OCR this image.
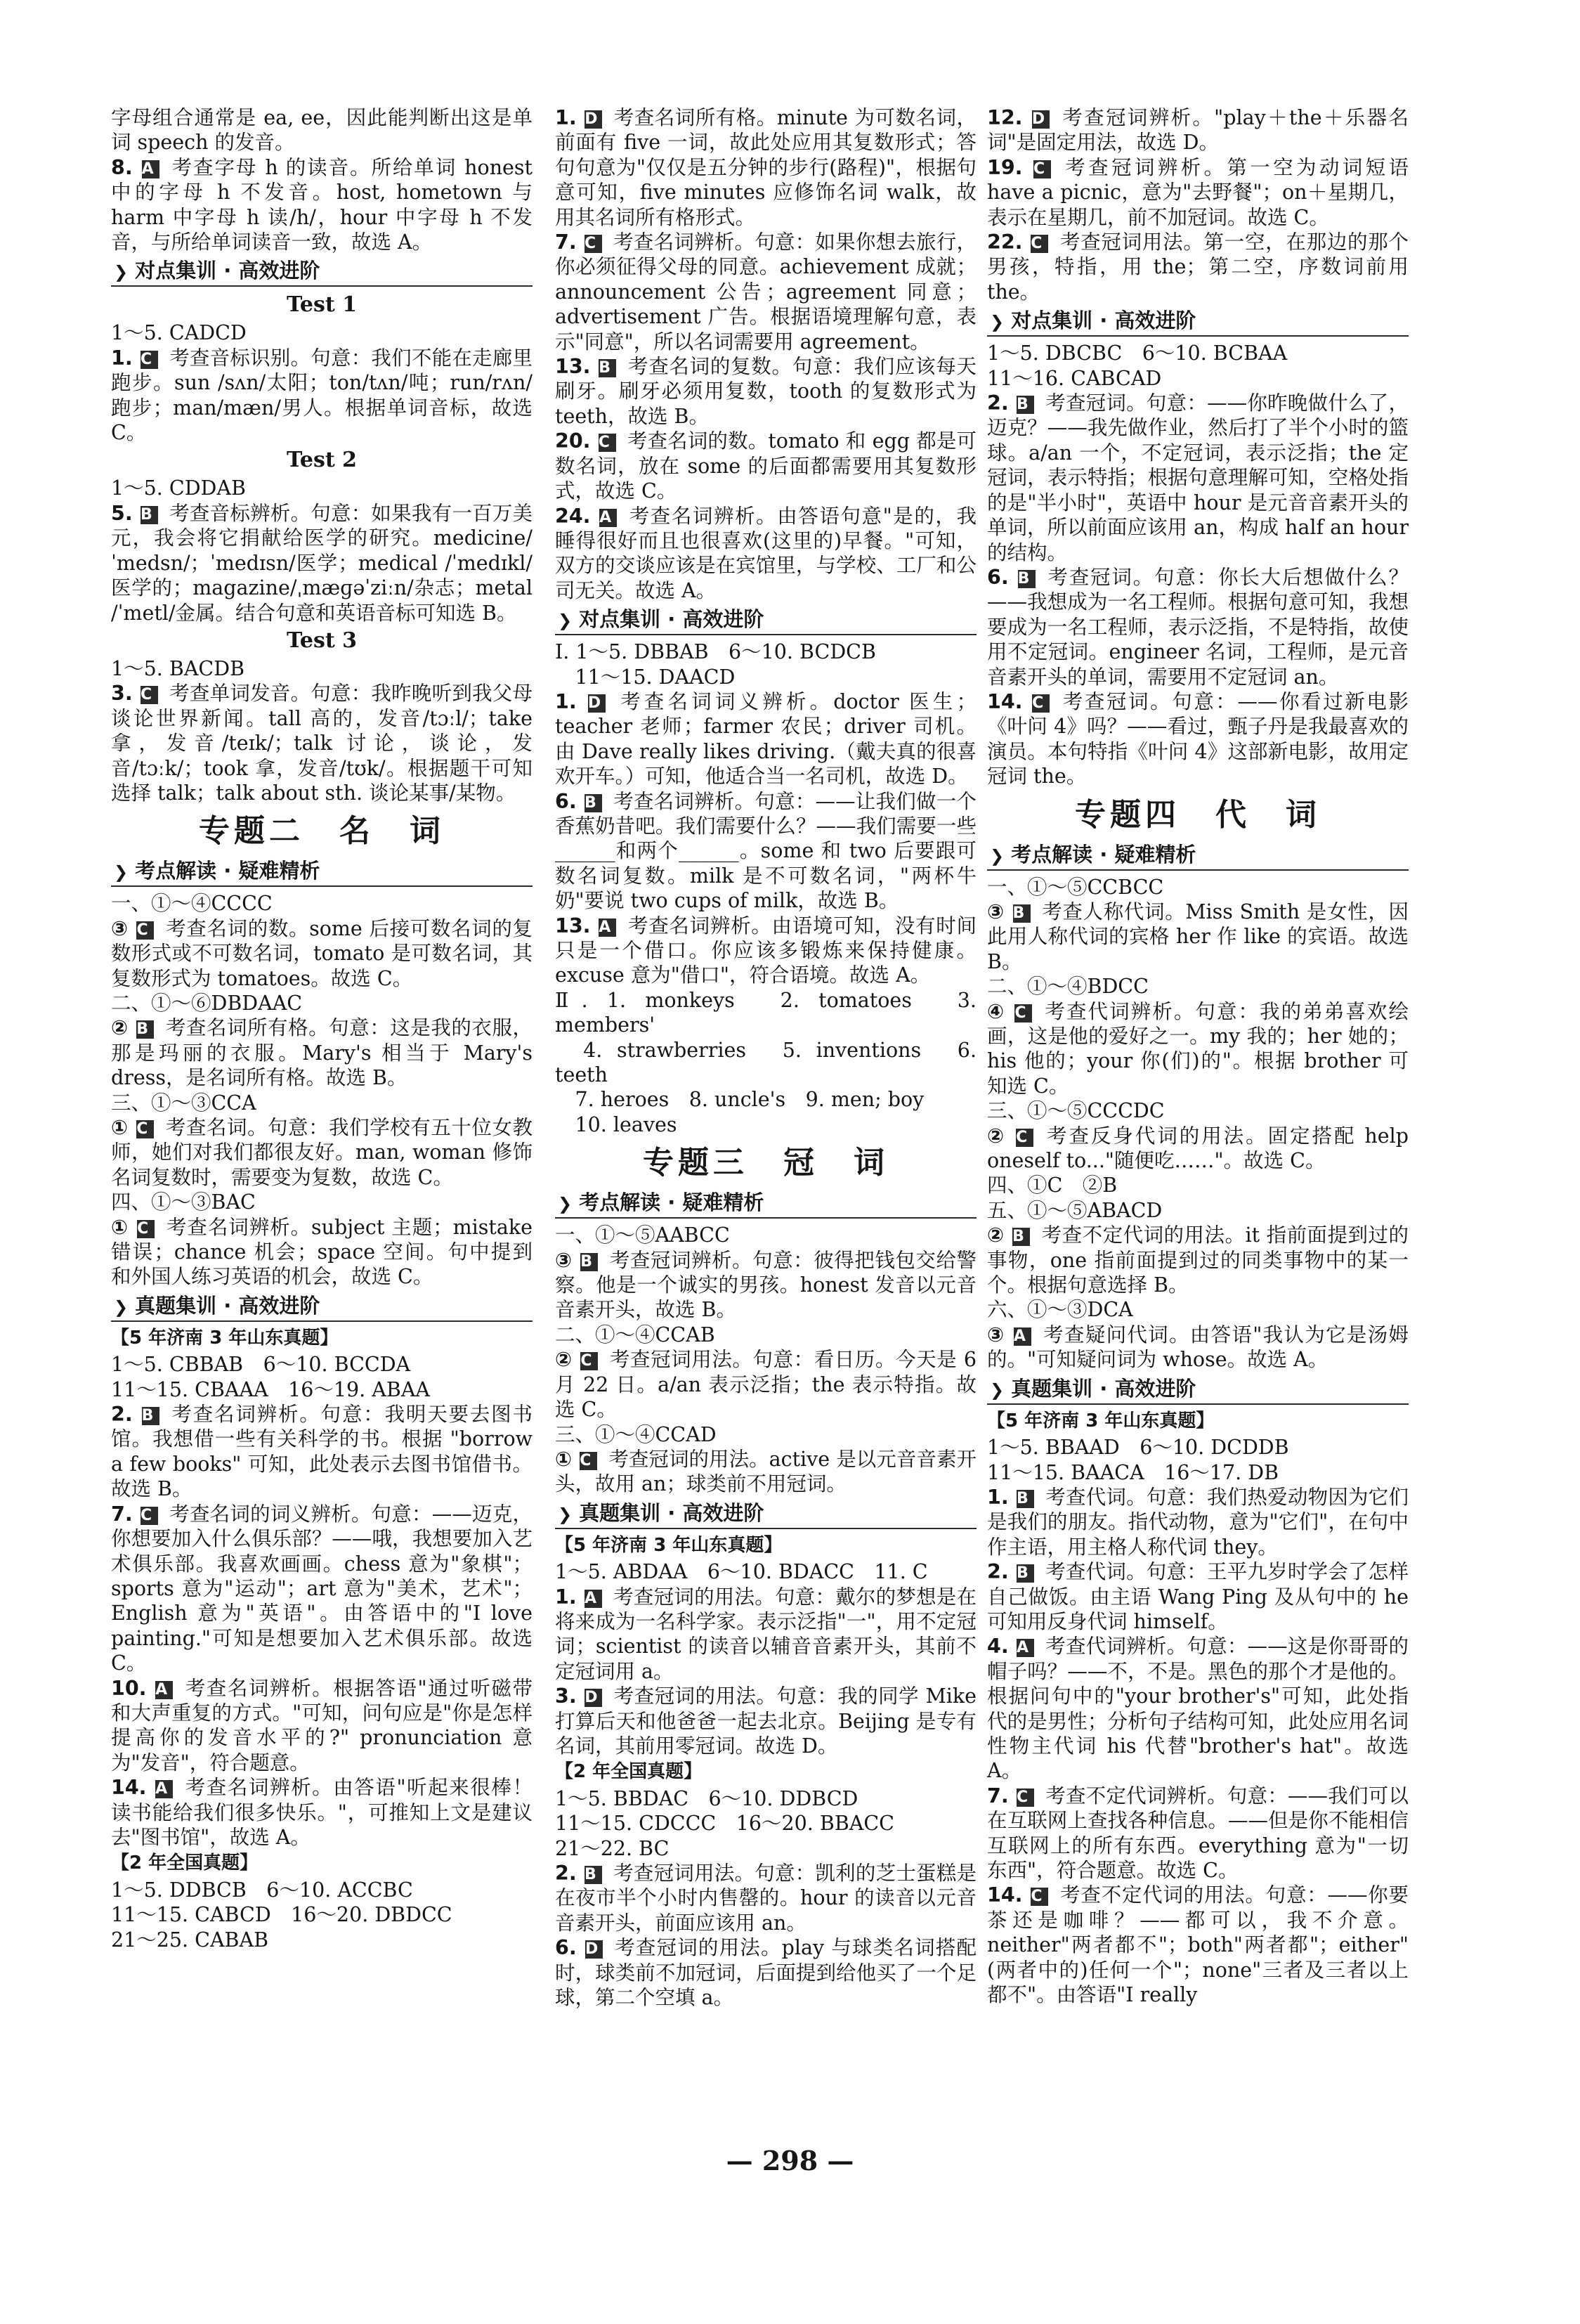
字母组合通常是 ea, ee，因此能判断出这是单词 speech 的发音。

8. A 考查字母 h 的读音。所给单词 honest 中的字母 h 不发音。host, hometown 与 harm 中字母 h 读/h/，hour 中字母 h 不发音，与所给单词读音一致，故选 A。

❯ 对点集训 · 高效进阶
Test 1

1～5. CADCD

1. C 考查音标识别。句意：我们不能在走廊里跑步。sun /sʌn/太阳；ton/tʌn/吨；run/rʌn/跑步；man/mæn/男人。根据单词音标，故选 C。

Test 2

1～5. CDDAB

5. B 考查音标辨析。句意：如果我有一百万美元，我会将它捐献给医学的研究。medicine/ˈmedsn/；ˈmedɪsn/医学；medical /ˈmedɪkl/医学的；magazine/ˌmæɡəˈziːn/杂志；metal /ˈmetl/金属。结合句意和英语音标可知选 B。

Test 3

1～5. BACDB

3. C 考查单词发音。句意：我昨晚听到我父母谈论世界新闻。tall 高的，发音/tɔːl/；take 拿，发音/teɪk/；talk 讨论，谈论，发音/tɔːk/；took 拿，发音/tʊk/。根据题干可知选择 talk；talk about sth. 谈论某事/某物。

专题二　名　词
❯ 考点解读 · 疑难精析

一、①～④CCCC

③ C 考查名词的数。some 后接可数名词的复数形式或不可数名词，tomato 是可数名词，其复数形式为 tomatoes。故选 C。

二、①～⑥DBDAAC

② B 考查名词所有格。句意：这是我的衣服，那是玛丽的衣服。Mary's 相当于 Mary's dress，是名词所有格。故选 B。

三、①～③CCA

① C 考查名词。句意：我们学校有五十位女教师，她们对我们都很友好。man, woman 修饰名词复数时，需要变为复数，故选 C。

四、①～③BAC

① C 考查名词辨析。subject 主题；mistake 错误；chance 机会；space 空间。句中提到和外国人练习英语的机会，故选 C。

❯ 真题集训 · 高效进阶
【5 年济南 3 年山东真题】

1～5. CBBAB　6～10. BCCDA

11～15. CBAAA　16～19. ABAA

2. B 考查名词辨析。句意：我明天要去图书馆。我想借一些有关科学的书。根据 "borrow a few books" 可知，此处表示去图书馆借书。故选 B。

7. C 考查名词的词义辨析。句意：——迈克，你想要加入什么俱乐部？——哦，我想要加入艺术俱乐部。我喜欢画画。chess 意为"象棋"；sports 意为"运动"；art 意为"美术，艺术"；English 意为"英语"。由答语中的"I love painting."可知是想要加入艺术俱乐部。故选 C。

10. A 考查名词辨析。根据答语"通过听磁带和大声重复的方式。"可知，问句应是"你是怎样提高你的发音水平的?" pronunciation 意为"发音"，符合题意。

14. A 考查名词辨析。由答语"听起来很棒！读书能给我们很多快乐。"，可推知上文是建议去"图书馆"，故选 A。

【2 年全国真题】

1～5. DDBCB　6～10. ACCBC

11～15. CABCD　16～20. DBDCC

21～25. CABAB

1. D 考查名词所有格。minute 为可数名词，前面有 five 一词，故此处应用其复数形式；答句句意为"仅仅是五分钟的步行(路程)"，根据句意可知，five minutes 应修饰名词 walk，故用其名词所有格形式。

7. C 考查名词辨析。句意：如果你想去旅行，你必须征得父母的同意。achievement 成就；announcement 公告；agreement 同意；advertisement 广告。根据语境理解句意，表示"同意"，所以名词需要用 agreement。

13. B 考查名词的复数。句意：我们应该每天刷牙。刷牙必须用复数，tooth 的复数形式为 teeth，故选 B。

20. C 考查名词的数。tomato 和 egg 都是可数名词，放在 some 的后面都需要用其复数形式，故选 C。

24. A 考查名词辨析。由答语句意"是的，我睡得很好而且也很喜欢(这里的)早餐。"可知，双方的交谈应该是在宾馆里，与学校、工厂和公司无关。故选 A。

❯ 对点集训 · 高效进阶

Ⅰ. 1～5. DBBAB　6～10. BCDCB

　11～15. DAACD

1. D 考查名词词义辨析。doctor 医生；teacher 老师；farmer 农民；driver 司机。由 Dave really likes driving.（戴夫真的很喜欢开车。）可知，他适合当一名司机，故选 D。

6. B 考查名词辨析。句意：——让我们做一个香蕉奶昔吧。我们需要什么？——我们需要一些______和两个______。some 和 two 后要跟可数名词复数。milk 是不可数名词，"两杯牛奶"要说 two cups of milk，故选 B。

13. A 考查名词辨析。由语境可知，没有时间只是一个借口。你应该多锻炼来保持健康。excuse 意为"借口"，符合语境。故选 A。

Ⅱ. 1. monkeys　2. tomatoes　3. members'

　4. strawberries　5. inventions　6. teeth

　7. heroes　8. uncle's　9. men; boy

　10. leaves

专题三　冠　词
❯ 考点解读 · 疑难精析

一、①～⑤AABCC

③ B 考查冠词辨析。句意：彼得把钱包交给警察。他是一个诚实的男孩。honest 发音以元音音素开头，故选 B。

二、①～④CCAB

② C 考查冠词用法。句意：看日历。今天是 6 月 22 日。a/an 表示泛指；the 表示特指。故选 C。

三、①～④CCAD

① C 考查冠词的用法。active 是以元音音素开头，故用 an；球类前不用冠词。

❯ 真题集训 · 高效进阶
【5 年济南 3 年山东真题】

1～5. ABDAA　6～10. BDACC　11. C

1. A 考查冠词的用法。句意：戴尔的梦想是在将来成为一名科学家。表示泛指"一"，用不定冠词；scientist 的读音以辅音音素开头，其前不定冠词用 a。

3. D 考查冠词的用法。句意：我的同学 Mike 打算后天和他爸爸一起去北京。Beijing 是专有名词，其前用零冠词。故选 D。

【2 年全国真题】

1～5. BBDAC　6～10. DDBCD

11～15. CDCCC　16～20. BBACC

21～22. BC

2. B 考查冠词用法。句意：凯利的芝士蛋糕是在夜市半个小时内售罄的。hour 的读音以元音音素开头，前面应该用 an。

6. D 考查冠词的用法。play 与球类名词搭配时，球类前不加冠词，后面提到给他买了一个足球，第二个空填 a。

12. D 考查冠词辨析。"play＋the＋乐器名词"是固定用法，故选 D。

19. C 考查冠词辨析。第一空为动词短语 have a picnic，意为"去野餐"；on＋星期几，表示在星期几，前不加冠词。故选 C。

22. C 考查冠词用法。第一空，在那边的那个男孩，特指，用 the；第二空，序数词前用 the。

❯ 对点集训 · 高效进阶

1～5. DBCBC　6～10. BCBAA

11～16. CABCAD

2. B 考查冠词。句意：——你昨晚做什么了，迈克？——我先做作业，然后打了半个小时的篮球。a/an 一个，不定冠词，表示泛指；the 定冠词，表示特指；根据句意理解可知，空格处指的是"半小时"，英语中 hour 是元音音素开头的单词，所以前面应该用 an，构成 half an hour 的结构。

6. B 考查冠词。句意：你长大后想做什么？——我想成为一名工程师。根据句意可知，我想要成为一名工程师，表示泛指，不是特指，故使用不定冠词。engineer 名词，工程师，是元音音素开头的单词，需要用不定冠词 an。

14. C 考查冠词。句意：——你看过新电影《叶问 4》吗？——看过，甄子丹是我最喜欢的演员。本句特指《叶问 4》这部新电影，故用定冠词 the。

专题四　代　词
❯ 考点解读 · 疑难精析

一、①～⑤CCBCC

③ B 考查人称代词。Miss Smith 是女性，因此用人称代词的宾格 her 作 like 的宾语。故选 B。

二、①～④BDCC

④ C 考查代词辨析。句意：我的弟弟喜欢绘画，这是他的爱好之一。my 我的；her 她的；his 他的；your 你(们)的"。根据 brother 可知选 C。

三、①～⑤CCCDC

② C 考查反身代词的用法。固定搭配 help oneself to..."随便吃……"。故选 C。

四、①C　②B

五、①～⑤ABACD

② B 考查不定代词的用法。it 指前面提到过的事物，one 指前面提到过的同类事物中的某一个。根据句意选择 B。

六、①～③DCA

③ A 考查疑问代词。由答语"我认为它是汤姆的。"可知疑问词为 whose。故选 A。

❯ 真题集训 · 高效进阶
【5 年济南 3 年山东真题】

1～5. BBAAD　6～10. DCDDB

11～15. BAACA　16～17. DB

1. B 考查代词。句意：我们热爱动物因为它们是我们的朋友。指代动物，意为"它们"，在句中作主语，用主格人称代词 they。

2. B 考查代词。句意：王平九岁时学会了怎样自己做饭。由主语 Wang Ping 及从句中的 he 可知用反身代词 himself。

4. A 考查代词辨析。句意：——这是你哥哥的帽子吗？——不，不是。黑色的那个才是他的。根据问句中的"your brother's"可知，此处指代的是男性；分析句子结构可知，此处应用名词性物主代词 his 代替"brother's hat"。故选 A。

7. C 考查不定代词辨析。句意：——我们可以在互联网上查找各种信息。——但是你不能相信互联网上的所有东西。everything 意为"一切东西"，符合题意。故选 C。

14. C 考查不定代词的用法。句意：——你要茶还是咖啡？——都可以，我不介意。neither"两者都不"；both"两者都"；either"(两者中的)任何一个"；none"三者及三者以上都不"。由答语"I really

— 298 —
